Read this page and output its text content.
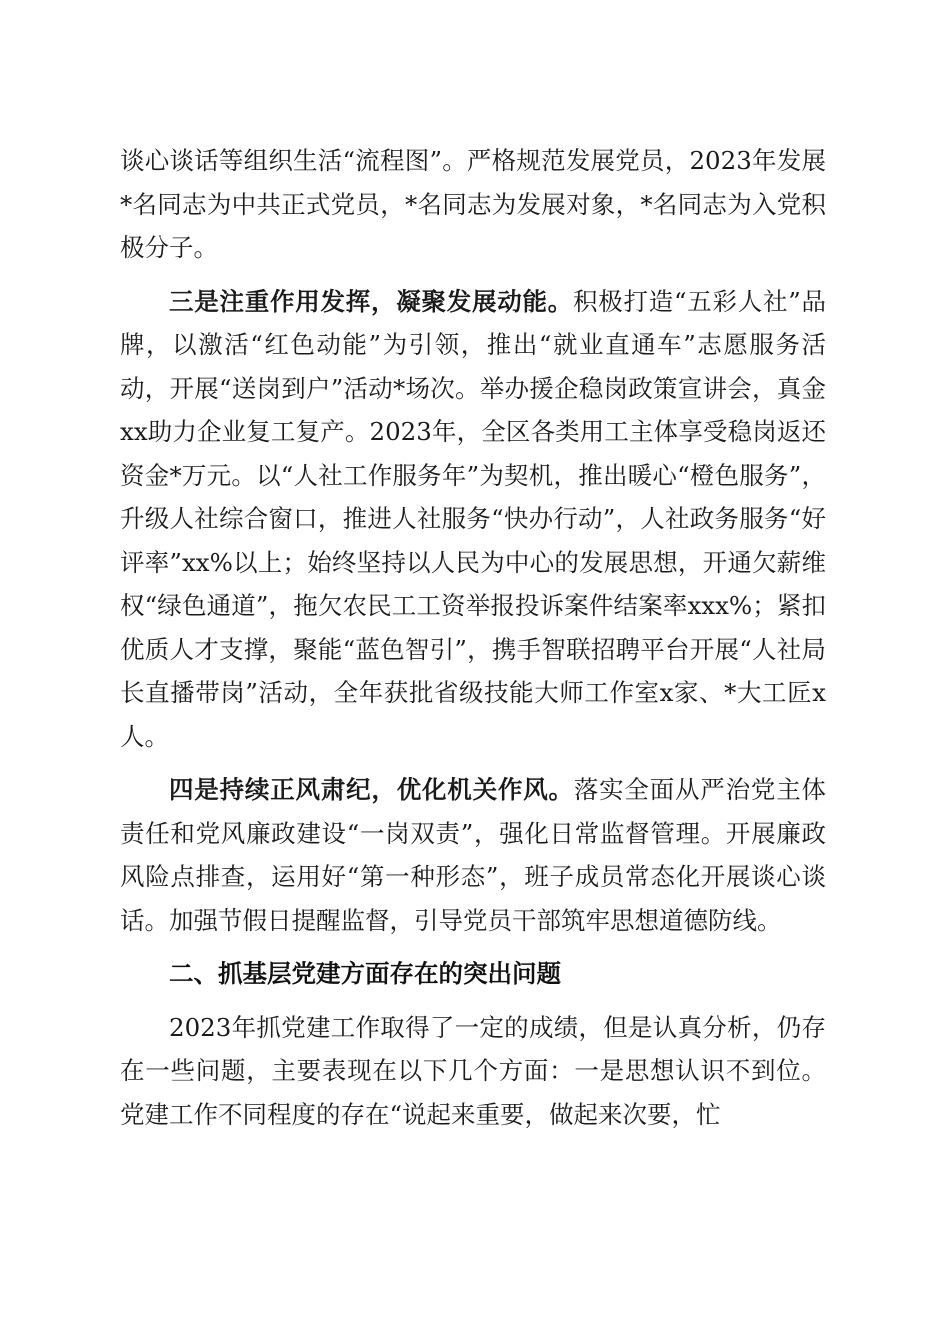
谈心谈话等组织生活“流程图”。严格规范发展党员，2023年发展*名同志为中共正式党员，*名同志为发展对象，*名同志为入党积极分子。

三是注重作用发挥，凝聚发展动能。积极打造“五彩人社”品牌，以激活“红色动能”为引领，推出“就业直通车”志愿服务活动，开展“送岗到户”活动*场次。举办援企稳岗政策宣讲会，真金xx助力企业复工复产。2023年，全区各类用工主体享受稳岗返还资金*万元。以“人社工作服务年”为契机，推出暖心“橙色服务”，升级人社综合窗口，推进人社服务“快办行动”，人社政务服务“好评率”xx%以上；始终坚持以人民为中心的发展思想，开通欠薪维权“绿色通道”，拖欠农民工工资举报投诉案件结案率xxx%；紧扣优质人才支撑，聚能“蓝色智引”，携手智联招聘平台开展“人社局长直播带岗”活动，全年获批省级技能大师工作室x家、*大工匠x人。

四是持续正风肃纪，优化机关作风。落实全面从严治党主体责任和党风廉政建设“一岗双责”，强化日常监督管理。开展廉政风险点排查，运用好“第一种形态”，班子成员常态化开展谈心谈话。加强节假日提醒监督，引导党员干部筑牢思想道德防线。

二、抓基层党建方面存在的突出问题

2023年抓党建工作取得了一定的成绩，但是认真分析，仍存在一些问题，主要表现在以下几个方面：一是思想认识不到位。党建工作不同程度的存在“说起来重要，做起来次要，忙
